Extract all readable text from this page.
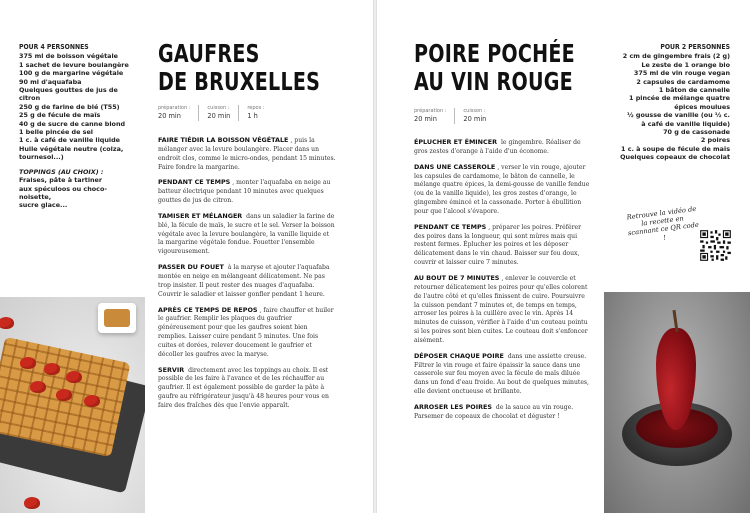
POUR 4 PERSONNES
375 ml de boisson végétale
1 sachet de levure boulangère
100 g de margarine végétale
90 ml d'aquafaba
Quelques gouttes de jus de citron
250 g de farine de blé (T55)
25 g de fécule de maïs
40 g de sucre de canne blond
1 belle pincée de sel
1 c. à café de vanille liquide
Huile végétale neutre (colza,
tournesol...)
TOPPINGS (AU CHOIX) :
Fraises, pâte à tartiner
aux spéculoos ou choco-noisette,
sucre glace...
GAUFRES
DE BRUXELLES
préparation :
20 min
cuisson :
20 min
repos :
1 h

FAIRE TIÉDIR LA BOISSON VÉGÉTALE , puis la mélanger avec la levure boulangère. Placer dans un endroit clos, comme le micro-ondes, pendant 15 minutes. Faire fondre la margarine.

PENDANT CE TEMPS , monter l'aquafaba en neige au batteur électrique pendant 10 minutes avec quelques gouttes de jus de citron.

TAMISER ET MÉLANGER dans un saladier la farine de blé, la fécule de maïs, le sucre et le sel. Verser la boisson végétale avec la levure boulangère, la vanille liquide et la margarine végétale fondue. Fouetter l'ensemble vigoureusement.

PASSER DU FOUET à la maryse et ajouter l'aquafaba montée en neige en mélangeant délicatement. Ne pas trop insister. Il peut rester des nuages d'aquafaba. Couvrir le saladier et laisser gonfler pendant 1 heure.

APRÈS CE TEMPS DE REPOS , faire chauffer et huiler le gaufrier. Remplir les plaques du gaufrier généreusement pour que les gaufres soient bien remplies. Laisser cuire pendant 5 minutes. Une fois cuites et dorées, relever doucement le gaufrier et décoller les gaufres avec la maryse.

SERVIR directement avec les toppings au choix. Il est possible de les faire à l'avance et de les réchauffer au gaufrier. Il est également possible de garder la pâte à gaufre au réfrigérateur jusqu'à 48 heures pour vous en faire des fraîches dès que l'envie apparaît.

POIRE POCHÉE
AU VIN ROUGE
préparation :
20 min
cuisson :
20 min

ÉPLUCHER ET ÉMINCER le gingembre. Réaliser de gros zestes d'orange à l'aide d'un économe.

DANS UNE CASSEROLE , verser le vin rouge, ajouter les capsules de cardamome, le bâton de cannelle, le mélange quatre épices, la demi-gousse de vanille fendue (ou de la vanille liquide), les gros zestes d'orange, le gingembre émincé et la cassonade. Porter à ébullition pour que l'alcool s'évapore.

PENDANT CE TEMPS , préparer les poires. Préférer des poires dans la longueur, qui sont mûres mais qui restent fermes. Éplucher les poires et les déposer délicatement dans le vin chaud. Baisser sur feu doux, couvrir et laisser cuire 7 minutes.

AU BOUT DE 7 MINUTES , enlever le couvercle et retourner délicatement les poires pour qu'elles colorent de l'autre côté et qu'elles finissent de cuire. Poursuivre la cuisson pendant 7 minutes et, de temps en temps, arroser les poires à la cuillère avec le vin. Après 14 minutes de cuisson, vérifier à l'aide d'un couteau pointu si les poires sont bien cuites. Le couteau doit s'enfoncer aisément.

DÉPOSER CHAQUE POIRE dans une assiette creuse. Filtrer le vin rouge et faire épaissir la sauce dans une casserole sur feu moyen avec la fécule de maïs diluée dans un fond d'eau froide. Au bout de quelques minutes, elle devient onctueuse et brillante.

ARROSER LES POIRES de la sauce au vin rouge. Parsemer de copeaux de chocolat et déguster !

POUR 2 PERSONNES
2 cm de gingembre frais (2 g)
Le zeste de 1 orange bio
375 ml de vin rouge vegan
2 capsules de cardamome
1 bâton de cannelle
1 pincée de mélange quatre
épices moulues
½ gousse de vanille (ou ½ c.
à café de vanille liquide)
70 g de cassonade
2 poires
1 c. à soupe de fécule de maïs
Quelques copeaux de chocolat
Retrouve la vidéo de la recette en scannant ce QR code !
